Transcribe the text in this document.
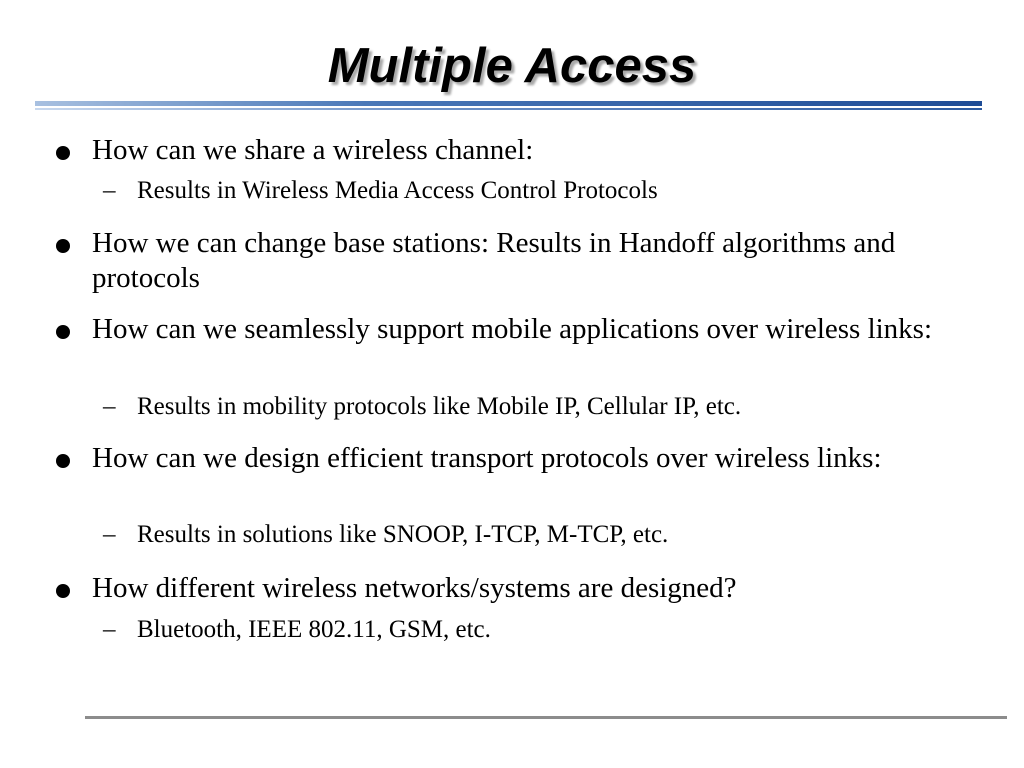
Multiple Access
How can we share a wireless channel:
– Results in Wireless Media Access Control Protocols
How we can change base stations: Results in Handoff algorithms and protocols
How can we seamlessly support mobile applications over wireless links:
– Results in mobility protocols like Mobile IP, Cellular IP, etc.
How can we design efficient transport protocols over wireless links:
– Results in solutions like SNOOP, I-TCP, M-TCP, etc.
How different wireless networks/systems are designed?
– Bluetooth, IEEE 802.11, GSM, etc.
